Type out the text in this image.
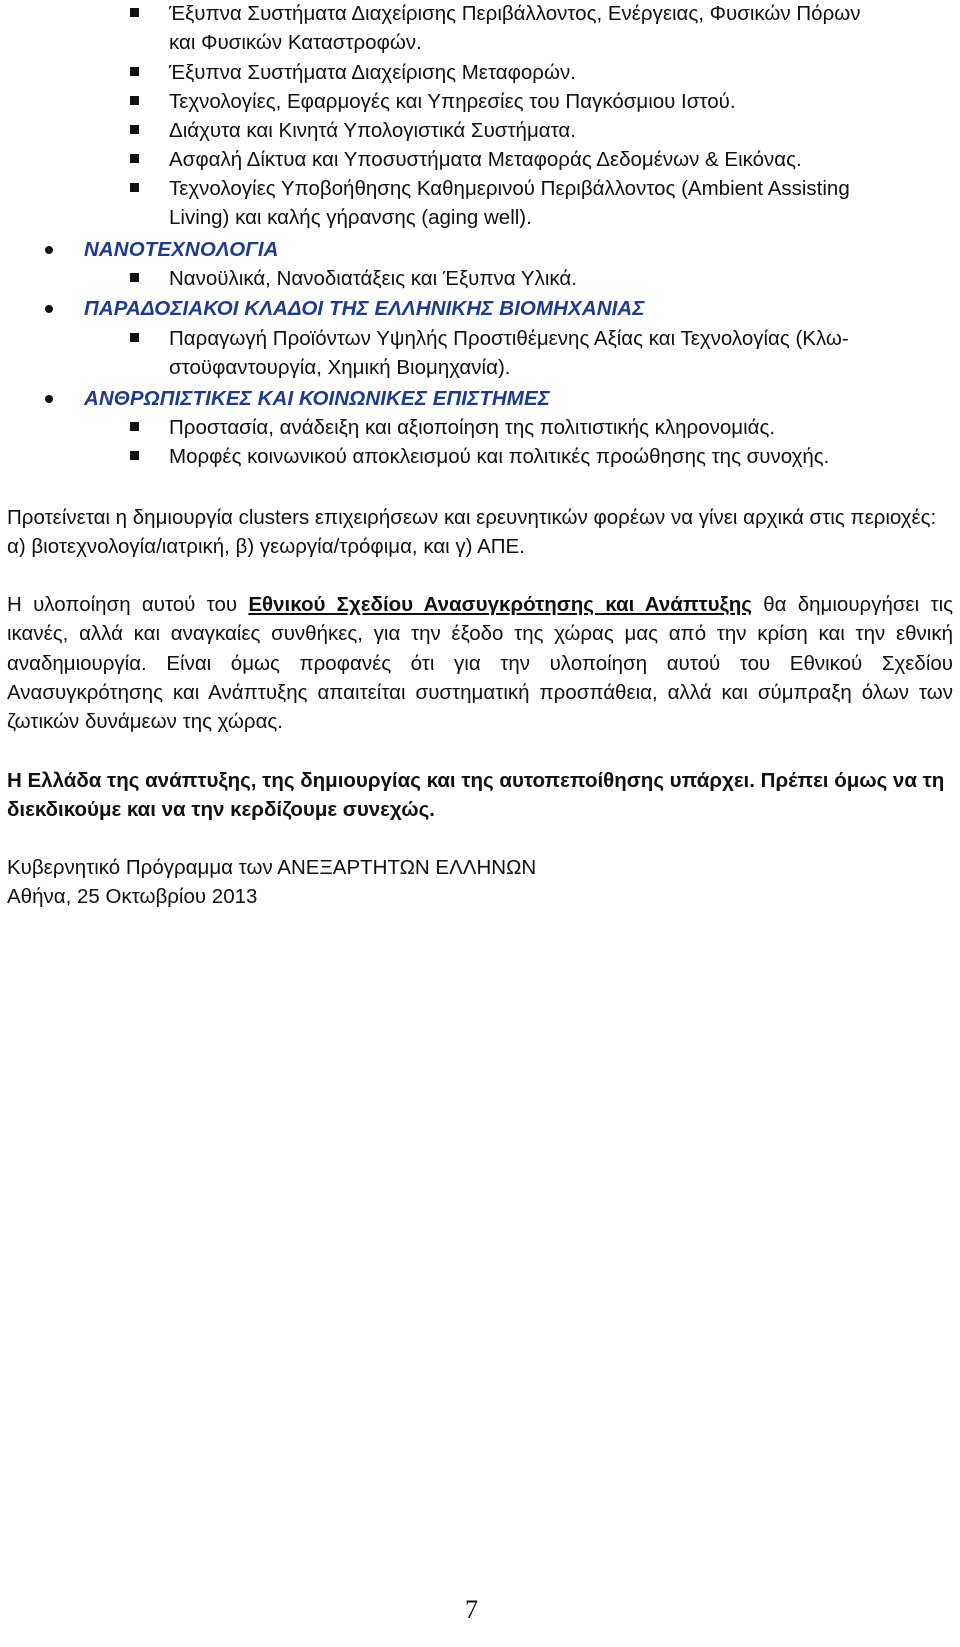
Έξυπνα Συστήματα Διαχείρισης Περιβάλλοντος, Ενέργειας, Φυσικών Πόρων
και Φυσικών Καταστροφών.
Έξυπνα Συστήματα Διαχείρισης Μεταφορών.
Τεχνολογίες, Εφαρμογές και Υπηρεσίες του Παγκόσμιου Ιστού.
Διάχυτα και Κινητά Υπολογιστικά Συστήματα.
Ασφαλή Δίκτυα και Υποσυστήματα Μεταφοράς Δεδομένων & Εικόνας.
Τεχνολογίες Υποβοήθησης Καθημερινού Περιβάλλοντος (Ambient Assisting
Living) και καλής γήρανσης (aging well).
ΝΑΝΟΤΕΧΝΟΛΟΓΙΑ
Νανοϋλικά, Νανοδιατάξεις και Έξυπνα Υλικά.
ΠΑΡΑΔΟΣΙΑΚΟΙ ΚΛΑΔΟΙ ΤΗΣ ΕΛΛΗΝΙΚΗΣ ΒΙΟΜΗΧΑΝΙΑΣ
Παραγωγή Προϊόντων Υψηλής Προστιθέμενης Αξίας και Τεχνολογίας (Κλω-
στοϋφαντουργία, Χημική Βιομηχανία).
ΑΝΘΡΩΠΙΣΤΙΚΕΣ ΚΑΙ ΚΟΙΝΩΝΙΚΕΣ ΕΠΙΣΤΗΜΕΣ
Προστασία, ανάδειξη και αξιοποίηση της πολιτιστικής κληρονομιάς.
Μορφές κοινωνικού αποκλεισμού και πολιτικές προώθησης της συνοχής.
Προτείνεται η δημιουργία clusters επιχειρήσεων και ερευνητικών φορέων να γίνει αρχικά στις περιοχές: α) βιοτεχνολογία/ιατρική, β) γεωργία/τρόφιμα, και γ) ΑΠΕ.
Η υλοποίηση αυτού του Εθνικού Σχεδίου Ανασυγκρότησης και Ανάπτυξης θα δημιουργήσει τις ικανές, αλλά και αναγκαίες συνθήκες, για την έξοδο της χώρας μας από την κρίση και την εθνική αναδημιουργία. Είναι όμως προφανές ότι για την υλοποίηση αυτού του Εθνικού Σχεδίου Ανασυγκρότησης και Ανάπτυξης απαιτείται συστηματική προσπάθεια, αλλά και σύμπραξη όλων των ζωτικών δυνάμεων της χώρας.
Η Ελλάδα της ανάπτυξης, της δημιουργίας και της αυτοπεποίθησης υπάρχει. Πρέπει όμως να τη διεκδικούμε και να την κερδίζουμε συνεχώς.
Κυβερνητικό Πρόγραμμα των ΑΝΕΞΑΡΤΗΤΩΝ ΕΛΛΗΝΩΝ
Αθήνα, 25 Οκτωβρίου 2013
7
